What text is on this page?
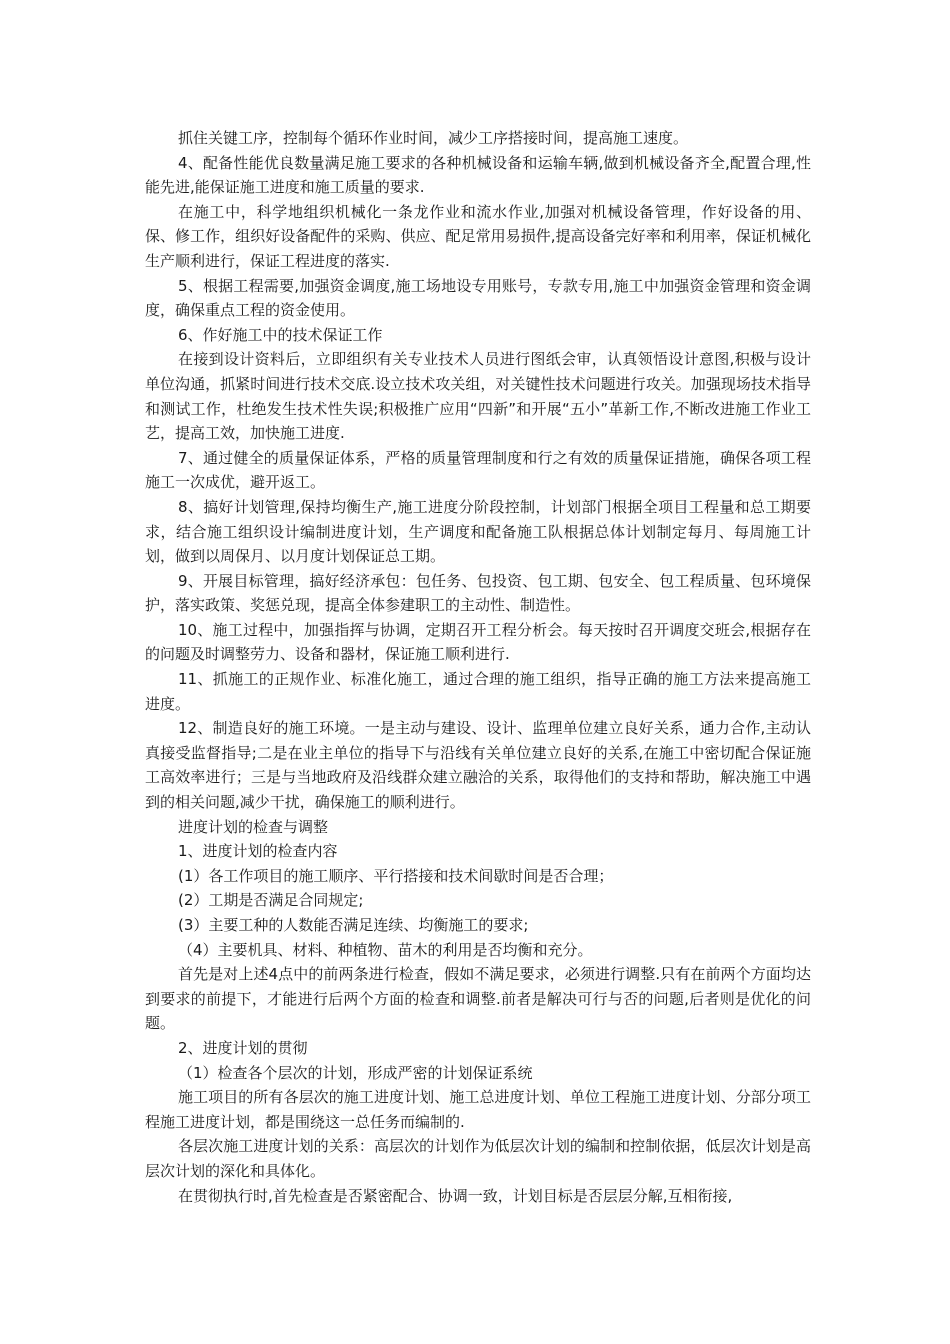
抓住关键工序，控制每个循环作业时间，减少工序搭接时间，提高施工速度。

4、配备性能优良数量满足施工要求的各种机械设备和运输车辆,做到机械设备齐全,配置合理,性能先进,能保证施工进度和施工质量的要求.

在施工中，科学地组织机械化一条龙作业和流水作业,加强对机械设备管理，作好设备的用、保、修工作，组织好设备配件的采购、供应、配足常用易损件,提高设备完好率和利用率，保证机械化生产顺利进行，保证工程进度的落实.

5、根据工程需要,加强资金调度,施工场地设专用账号，专款专用,施工中加强资金管理和资金调度，确保重点工程的资金使用。

6、作好施工中的技术保证工作

在接到设计资料后，立即组织有关专业技术人员进行图纸会审，认真领悟设计意图,积极与设计单位沟通，抓紧时间进行技术交底.设立技术攻关组，对关键性技术问题进行攻关。加强现场技术指导和测试工作，杜绝发生技术性失误;积极推广应用“四新”和开展“五小”革新工作,不断改进施工作业工艺，提高工效，加快施工进度.

7、通过健全的质量保证体系，严格的质量管理制度和行之有效的质量保证措施，确保各项工程施工一次成优，避开返工。

8、搞好计划管理,保持均衡生产,施工进度分阶段控制，计划部门根据全项目工程量和总工期要求，结合施工组织设计编制进度计划，生产调度和配备施工队根据总体计划制定每月、每周施工计划，做到以周保月、以月度计划保证总工期。

9、开展目标管理，搞好经济承包：包任务、包投资、包工期、包安全、包工程质量、包环境保护，落实政策、奖惩兑现，提高全体参建职工的主动性、制造性。

10、施工过程中，加强指挥与协调，定期召开工程分析会。每天按时召开调度交班会,根据存在的问题及时调整劳力、设备和器材，保证施工顺利进行.

11、抓施工的正规作业、标准化施工，通过合理的施工组织，指导正确的施工方法来提高施工进度。

12、制造良好的施工环境。一是主动与建设、设计、监理单位建立良好关系，通力合作,主动认真接受监督指导;二是在业主单位的指导下与沿线有关单位建立良好的关系,在施工中密切配合保证施工高效率进行；三是与当地政府及沿线群众建立融洽的关系，取得他们的支持和帮助，解决施工中遇到的相关问题,减少干扰，确保施工的顺利进行。

进度计划的检查与调整

1、进度计划的检查内容

(1）各工作项目的施工顺序、平行搭接和技术间歇时间是否合理；

(2）工期是否满足合同规定;

(3）主要工种的人数能否满足连续、均衡施工的要求;

（4）主要机具、材料、种植物、苗木的利用是否均衡和充分。

首先是对上述4点中的前两条进行检查，假如不满足要求，必须进行调整.只有在前两个方面均达到要求的前提下，才能进行后两个方面的检查和调整.前者是解决可行与否的问题,后者则是优化的问题。

2、进度计划的贯彻

（1）检查各个层次的计划，形成严密的计划保证系统

施工项目的所有各层次的施工进度计划、施工总进度计划、单位工程施工进度计划、分部分项工程施工进度计划，都是围绕这一总任务而编制的.

各层次施工进度计划的关系：高层次的计划作为低层次计划的编制和控制依据，低层次计划是高层次计划的深化和具体化。

在贯彻执行时,首先检查是否紧密配合、协调一致，计划目标是否层层分解,互相衔接,
